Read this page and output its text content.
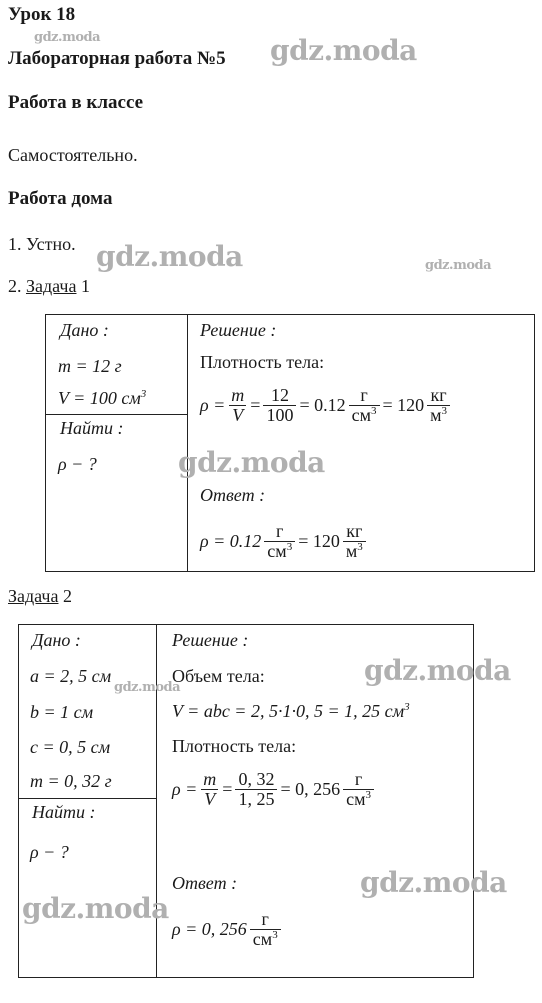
Урок 18
gdz.moda
Лабораторная работа №5 gdz.moda
Работа в классе
Самостоятельно.
Работа дома
1. Устно. gdz.moda	gdz.moda
2. Задача 1
Дано :
m = 12 г
V = 100 $см^3$
Найти :
ρ − ?
Решение :
Плотность тела:
$\rho = \frac{m}{V} = \frac{12}{100} = 0.12 \frac{г}{см^3} = 120 \frac{кг}{м^3}$
gdz.moda
Ответ :
$\rho = 0.12 \frac{г}{см^3} = 120 \frac{кг}{м^3}$
Задача 2
Дано :
a = 2, 5 см
gdz.moda
b = 1 см
c = 0, 5 см
m = 0, 32 г
Найти :
ρ − ?
Решение :
Объем тела:	gdz.moda
V = abc = 2, 5·1·0, 5 = 1, 25 $см^3$
Плотность тела:
$\rho = \frac{m}{V} = \frac{0, 32}{1, 25} = 0$, $256 \frac{г}{см^3}$
Ответ :	gdz.moda
gdz.moda
ρ = 0, $256 \frac{г}{см^3}$
